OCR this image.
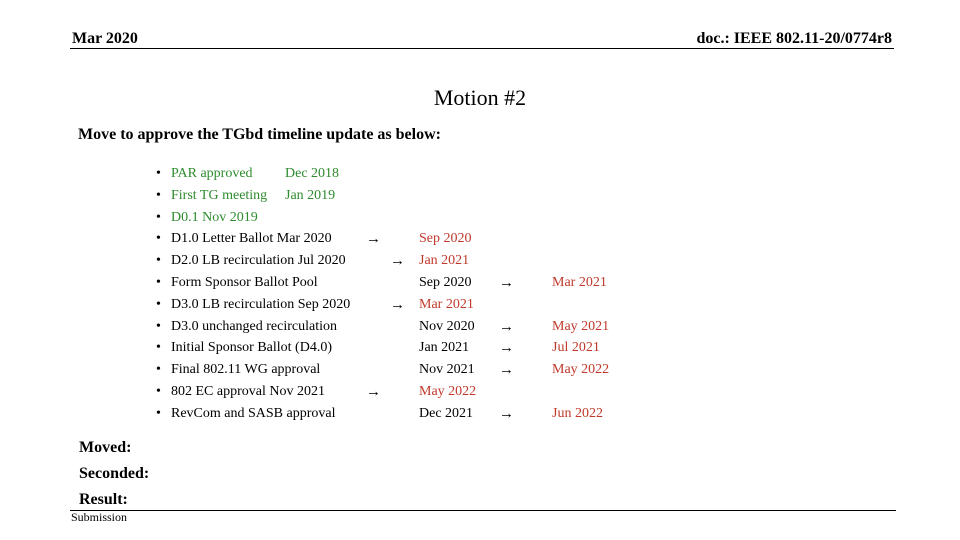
Mar 2020	doc.: IEEE 802.11-20/0774r8
Motion #2
Move to approve the TGbd timeline update as below:
• PAR approved Dec 2018
• First TG meeting Jan 2019
• D0.1 Nov 2019
• D1.0 Letter Ballot Mar 2020 →	Sep 2020
• D2.0 LB recirculation Jul 2020	→ Jan 2021
• Form Sponsor Ballot Pool	Sep 2020 →	Mar 2021
• D3.0 LB recirculation Sep 2020	→ Mar 2021
• D3.0 unchanged recirculation	Nov 2020 →	May 2021
• Initial Sponsor Ballot (D4.0)	Jan 2021 →	Jul 2021
• Final 802.11 WG approval	Nov 2021 →	May 2022
• 802 EC approval Nov 2021	→	May 2022
• RevCom and SASB approval	Dec 2021 →	Jun 2022
Moved:
Seconded:
Result:
Submission
